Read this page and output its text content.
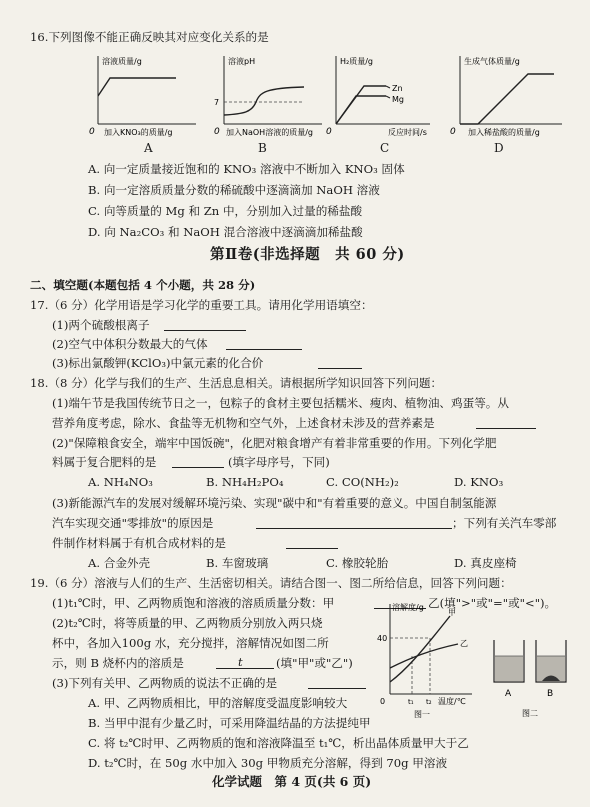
16.下列图像不能正确反映其对应变化关系的是
溶液质量/g
0 加入KNO₃的质量/g
溶液pH
7
0 加入NaOH溶液的质量/g
H₂质量/g
Zn
Mg
0	反应时间/s
生成气体质量/g
0 加入稀盐酸的质量/g
A	B	C	D
A. 向一定质量接近饱和的 KNO₃ 溶液中不断加入 KNO₃ 固体
B. 向一定溶质质量分数的稀硫酸中逐滴滴加 NaOH 溶液
C. 向等质量的 Mg 和 Zn 中，分别加入过量的稀盐酸
D. 向 Na₂CO₃ 和 NaOH 混合溶液中逐滴滴加稀盐酸
第Ⅱ卷(非选择题　共 60 分)
二、填空题(本题包括 4 个小题，共 28 分)
17.（6 分）化学用语是学习化学的重要工具。请用化学用语填空：
(1)两个硫酸根离子
(2)空气中体积分数最大的气体
(3)标出氯酸钾(KClO₃)中氯元素的化合价
18.（8 分）化学与我们的生产、生活息息相关。请根据所学知识回答下列问题：
(1)端午节是我国传统节日之一，包粽子的食材主要包括糯米、瘦肉、植物油、鸡蛋等。从
营养角度考虑，除水、食盐等无机物和空气外，上述食材未涉及的营养素是
(2)"保障粮食安全，端牢中国饭碗"，化肥对粮食增产有着非常重要的作用。下列化学肥
料属于复合肥料的是	(填字母序号，下同)
A. NH₄NO₃	B. NH₄H₂PO₄	C. CO(NH₂)₂	D. KNO₃
(3)新能源汽车的发展对缓解环境污染、实现"碳中和"有着重要的意义。中国自制氢能源
汽车实现交通"零排放"的原因是	；下列有关汽车零部
件制作材料属于有机合成材料的是
A. 合金外壳	B. 车窗玻璃	C. 橡胶轮胎	D. 真皮座椅
19.（6 分）溶液与人们的生产、生活密切相关。请结合图一、图二所给信息，回答下列问题：
(1)t₁℃时，甲、乙两物质饱和溶液的溶质质量分数：甲	乙(填">"或"="或"<")。
(2)t₂℃时，将等质量的甲、乙两物质分别放入两只烧
杯中，各加入100g 水，充分搅拌，溶解情况如图二所
示，则 B 烧杯内的溶质是	t	(填"甲"或"乙")
(3)下列有关甲、乙两物质的说法不正确的是
A. 甲、乙两物质相比，甲的溶解度受温度影响较大
B. 当甲中混有少量乙时，可采用降温结晶的方法提纯甲
C. 将 t₂℃时甲、乙两物质的饱和溶液降温至 t₁℃，析出晶体质量甲大于乙
D. t₂℃时，在 50g 水中加入 30g 甲物质充分溶解，得到 70g 甲溶液
溶解度/g
甲
乙
40
0	t₁ t₂ 温度/℃
图一
A	B
图二
化学试题　第 4 页(共 6 页)
